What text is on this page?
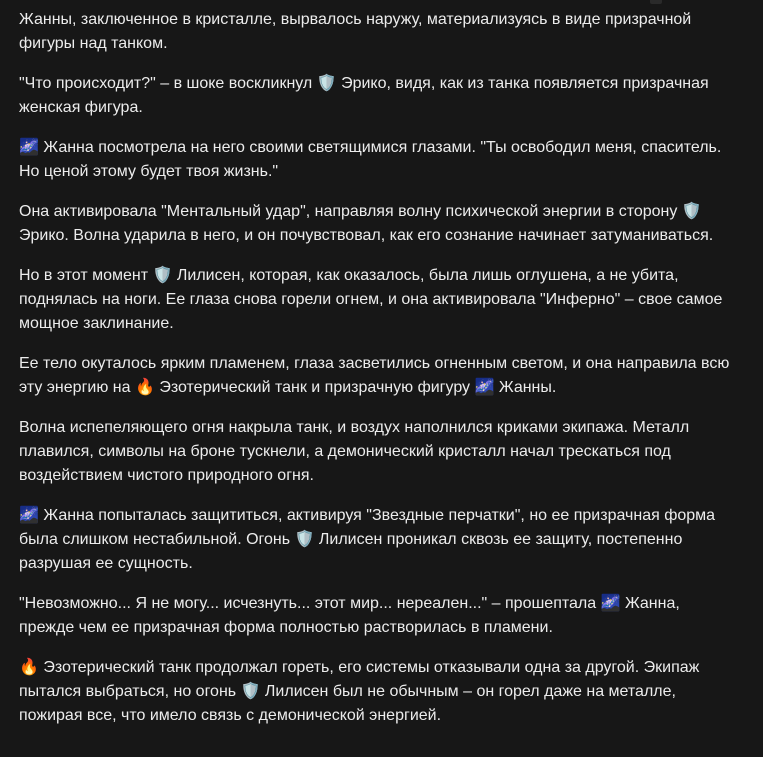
Жанны, заключенное в кристалле, вырвалось наружу, материализуясь в виде призрачной фигуры над танком.

"Что происходит?" – в шоке воскликнул 🛡️ Эрико, видя, как из танка появляется призрачная женская фигура.

🌌 Жанна посмотрела на него своими светящимися глазами. "Ты освободил меня, спаситель. Но ценой этому будет твоя жизнь."

Она активировала "Ментальный удар", направляя волну психической энергии в сторону 🛡️ Эрико. Волна ударила в него, и он почувствовал, как его сознание начинает затуманиваться.

Но в этот момент 🛡️ Лилисен, которая, как оказалось, была лишь оглушена, а не убита, поднялась на ноги. Ее глаза снова горели огнем, и она активировала "Инферно" – свое самое мощное заклинание.

Ее тело окуталось ярким пламенем, глаза засветились огненным светом, и она направила всю эту энергию на 🔥 Эзотерический танк и призрачную фигуру 🌌 Жанны.

Волна испепеляющего огня накрыла танк, и воздух наполнился криками экипажа. Металл плавился, символы на броне тускнели, а демонический кристалл начал трескаться под воздействием чистого природного огня.

🌌 Жанна попыталась защититься, активируя "Звездные перчатки", но ее призрачная форма была слишком нестабильной. Огонь 🛡️ Лилисен проникал сквозь ее защиту, постепенно разрушая ее сущность.

"Невозможно... Я не могу... исчезнуть... этот мир... нереален..." – прошептала 🌌 Жанна, прежде чем ее призрачная форма полностью растворилась в пламени.

🔥 Эзотерический танк продолжал гореть, его системы отказывали одна за другой. Экипаж пытался выбраться, но огонь 🛡️ Лилисен был не обычным – он горел даже на металле, пожирая все, что имело связь с демонической энергией.
